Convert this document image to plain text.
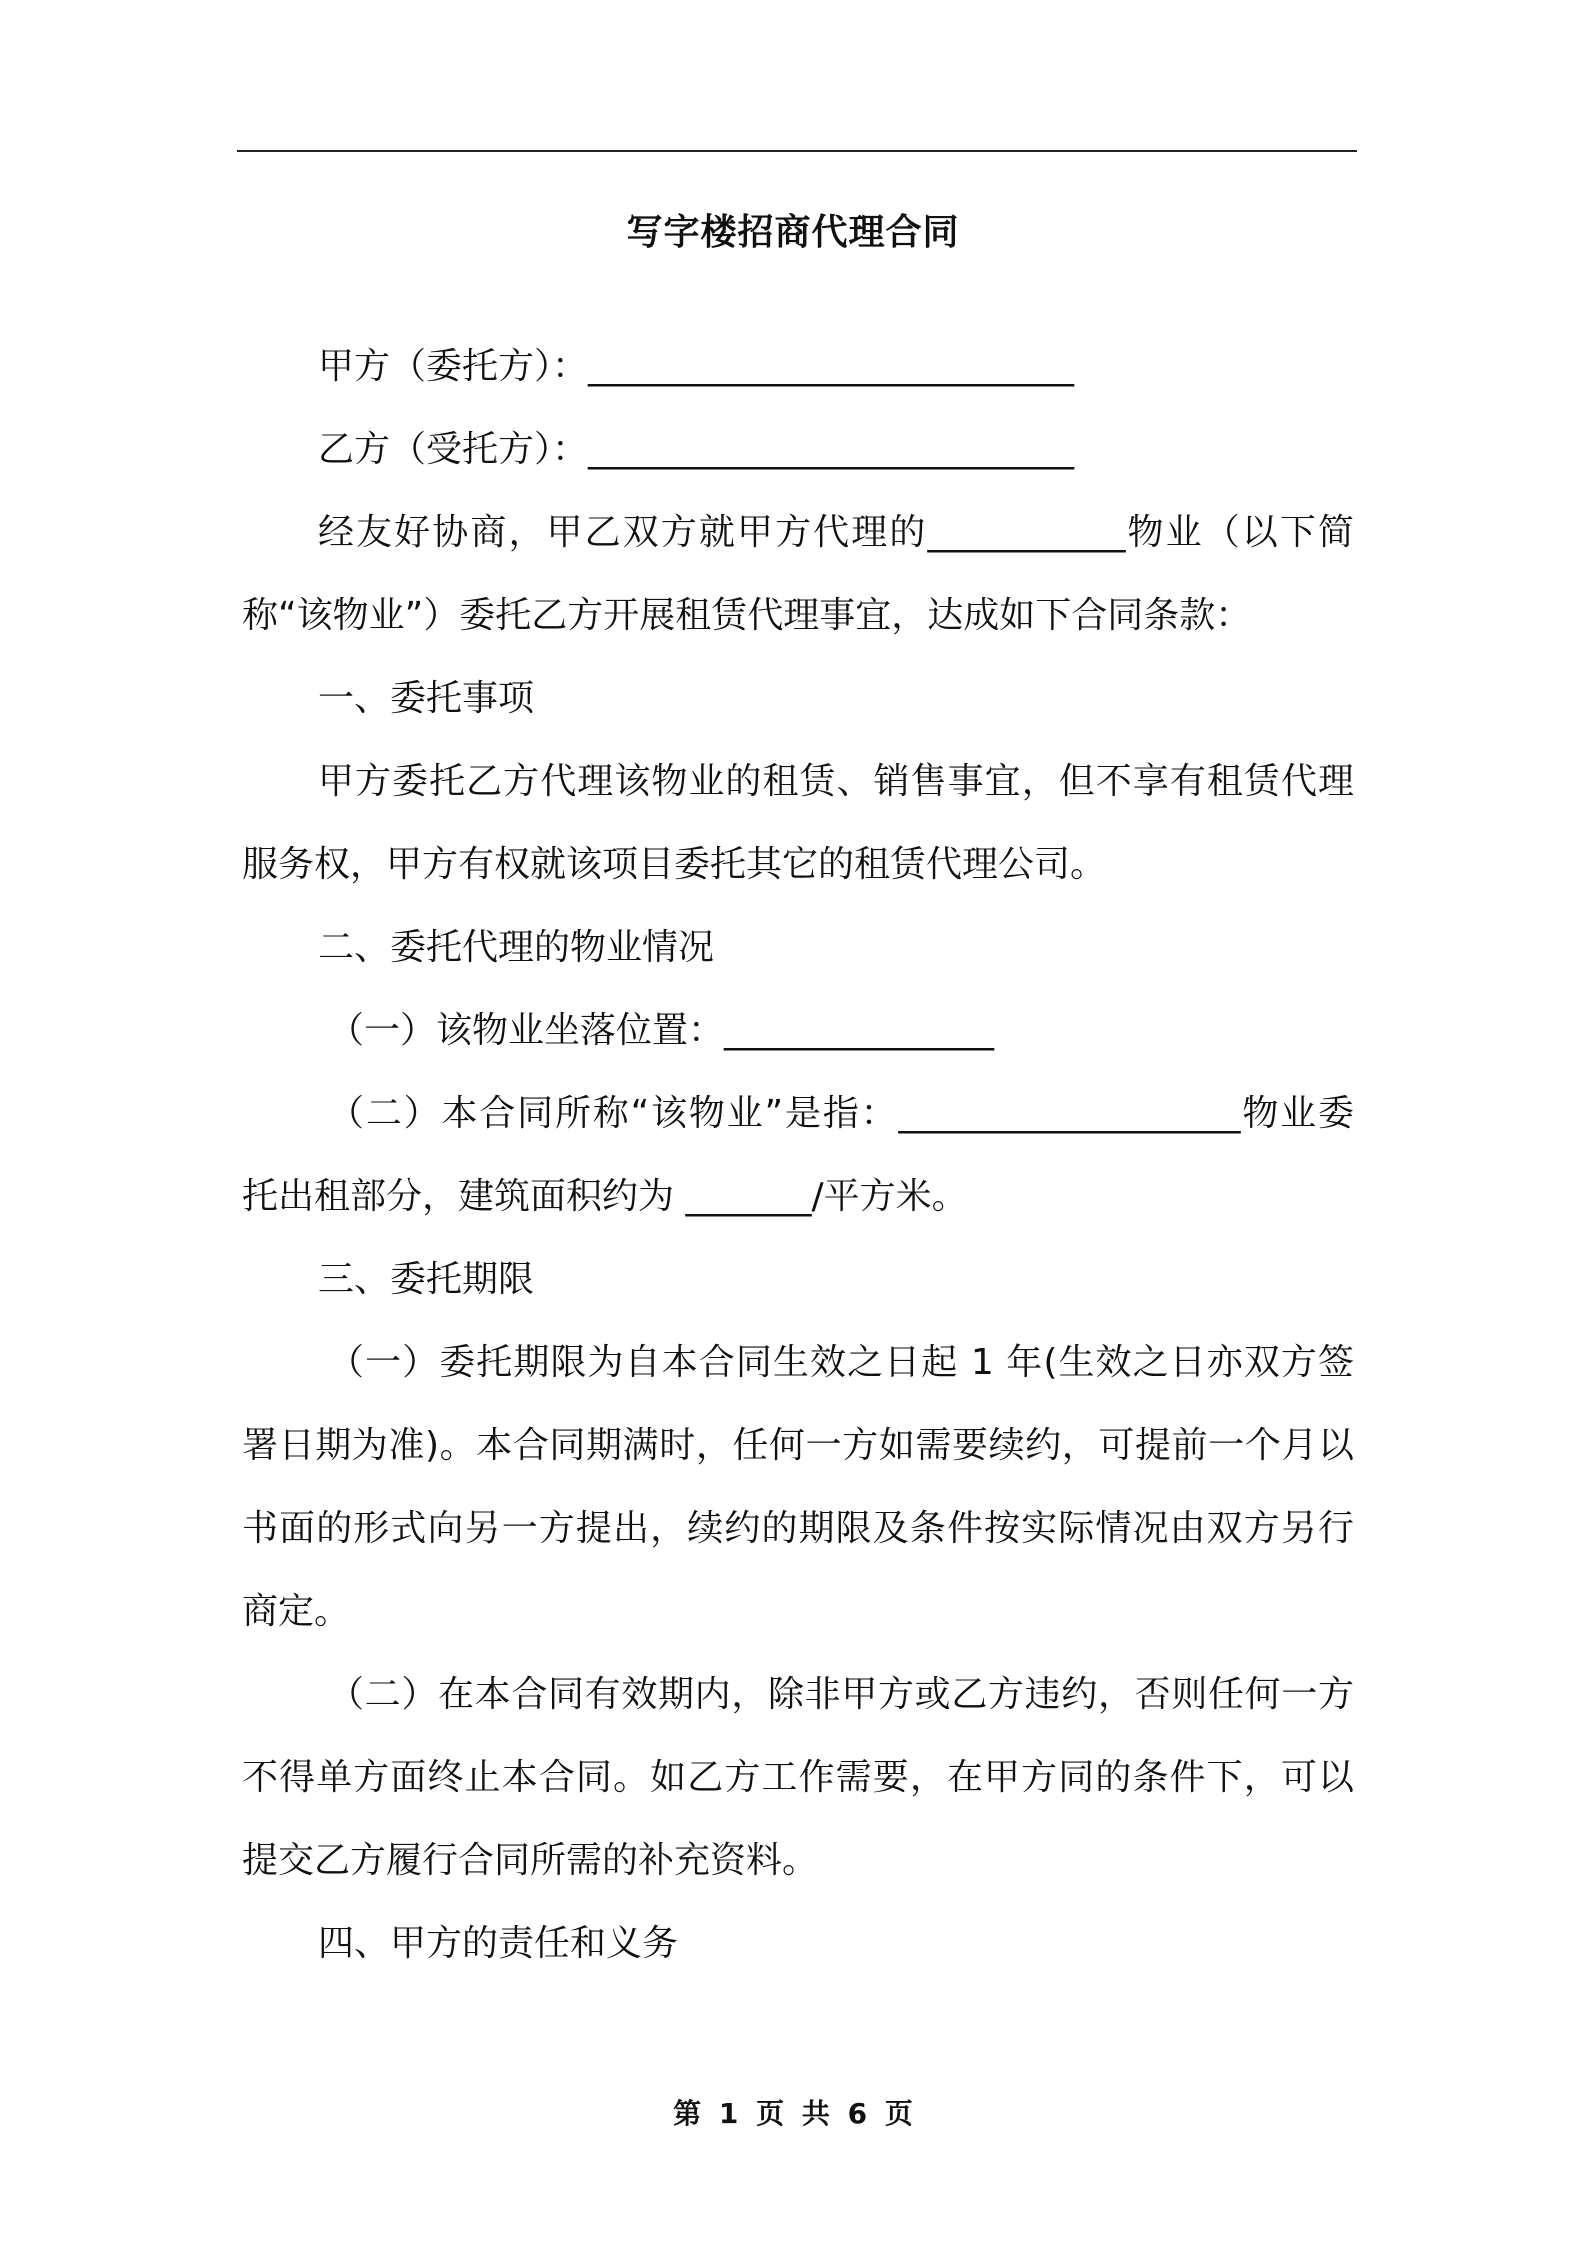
写字楼招商代理合同

甲方（委托方）：___________________________

乙方（受托方）：___________________________

经友好协商，甲乙双方就甲方代理的___________物业（以下简称“该物业”）委托乙方开展租赁代理事宜，达成如下合同条款：

一、委托事项

甲方委托乙方代理该物业的租赁、销售事宜，但不享有租赁代理服务权，甲方有权就该项目委托其它的租赁代理公司。

二、委托代理的物业情况

（一）该物业坐落位置：_______________

（二）本合同所称“该物业”是指：___________________物业委托出租部分，建筑面积约为 _______/平方米。

三、委托期限

（一）委托期限为自本合同生效之日起 1 年(生效之日亦双方签署日期为准)。本合同期满时，任何一方如需要续约，可提前一个月以书面的形式向另一方提出，续约的期限及条件按实际情况由双方另行商定。

（二）在本合同有效期内，除非甲方或乙方违约，否则任何一方不得单方面终止本合同。如乙方工作需要，在甲方同的条件下，可以提交乙方履行合同所需的补充资料。

四、甲方的责任和义务

第 1 页 共 6 页
